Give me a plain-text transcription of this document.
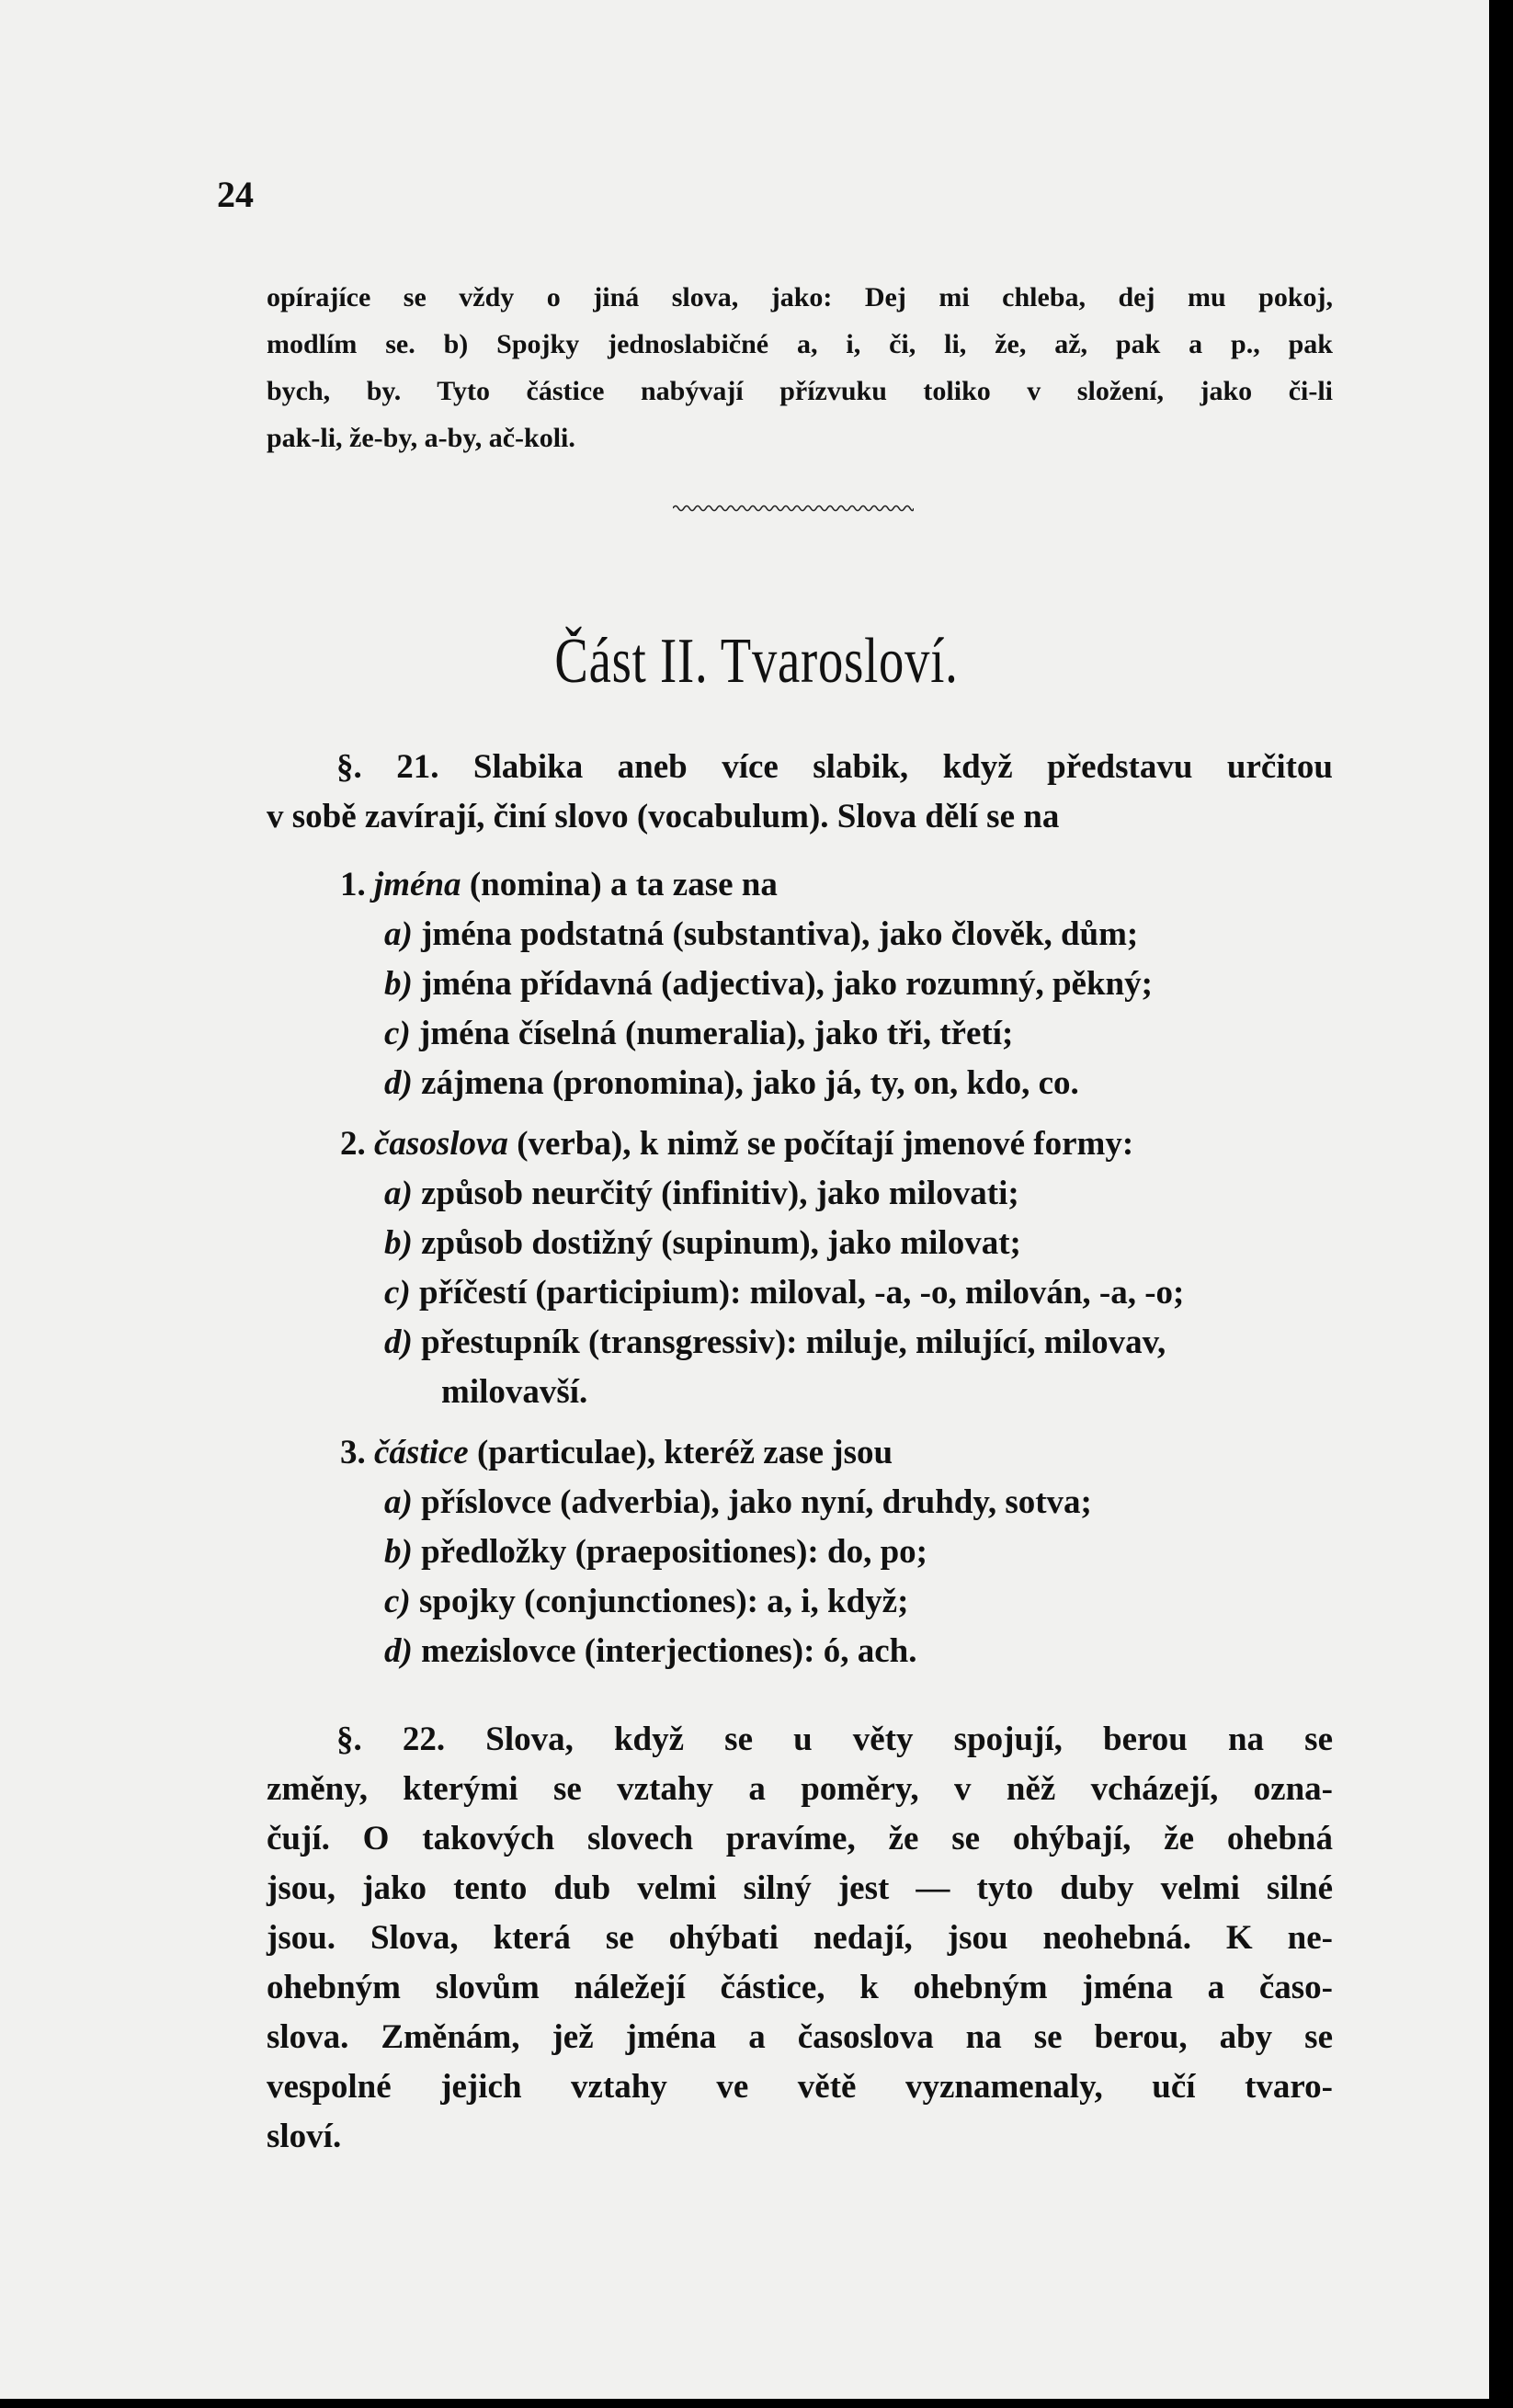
24
opírajíce se vždy o jiná slova, jako: Dej mi chleba, dej mu pokoj,
modlím se. b) Spojky jednoslabičné a, i, či, li, že, až, pak a p., pak
bych, by. Tyto částice nabývají přízvuku toliko v složení, jako či-li
pak-li, že-by, a-by, ač-koli.
Část II. Tvarosloví.
§. 21. Slabika aneb více slabik, když představu určitou
v sobě zavírají, činí slovo (vocabulum). Slova dělí se na
1. jména (nomina) a ta zase na
a) jména podstatná (substantiva), jako člověk, dům;
b) jména přídavná (adjectiva), jako rozumný, pěkný;
c) jména číselná (numeralia), jako tři, třetí;
d) zájmena (pronomina), jako já, ty, on, kdo, co.
2. časoslova (verba), k nimž se počítají jmenové formy:
a) způsob neurčitý (infinitiv), jako milovati;
b) způsob dostižný (supinum), jako milovat;
c) příčestí (participium): miloval, -a, -o, milován, -a, -o;
d) přestupník (transgressiv): miluje, milující, milovav,
milovavší.
3. částice (particulae), kteréž zase jsou
a) příslovce (adverbia), jako nyní, druhdy, sotva;
b) předložky (praepositiones): do, po;
c) spojky (conjunctiones): a, i, když;
d) mezislovce (interjectiones): ó, ach.
§. 22. Slova, když se u věty spojují, berou na se
změny, kterými se vztahy a poměry, v něž vcházejí, ozna-
čují. O takových slovech pravíme, že se ohýbají, že ohebná
jsou, jako tento dub velmi silný jest — tyto duby velmi silné
jsou. Slova, která se ohýbati nedají, jsou neohebná. K ne-
ohebným slovům náležejí částice, k ohebným jména a časo-
slova. Změnám, jež jména a časoslova na se berou, aby se
vespolné jejich vztahy ve větě vyznamenaly, učí tvaro-
sloví.
